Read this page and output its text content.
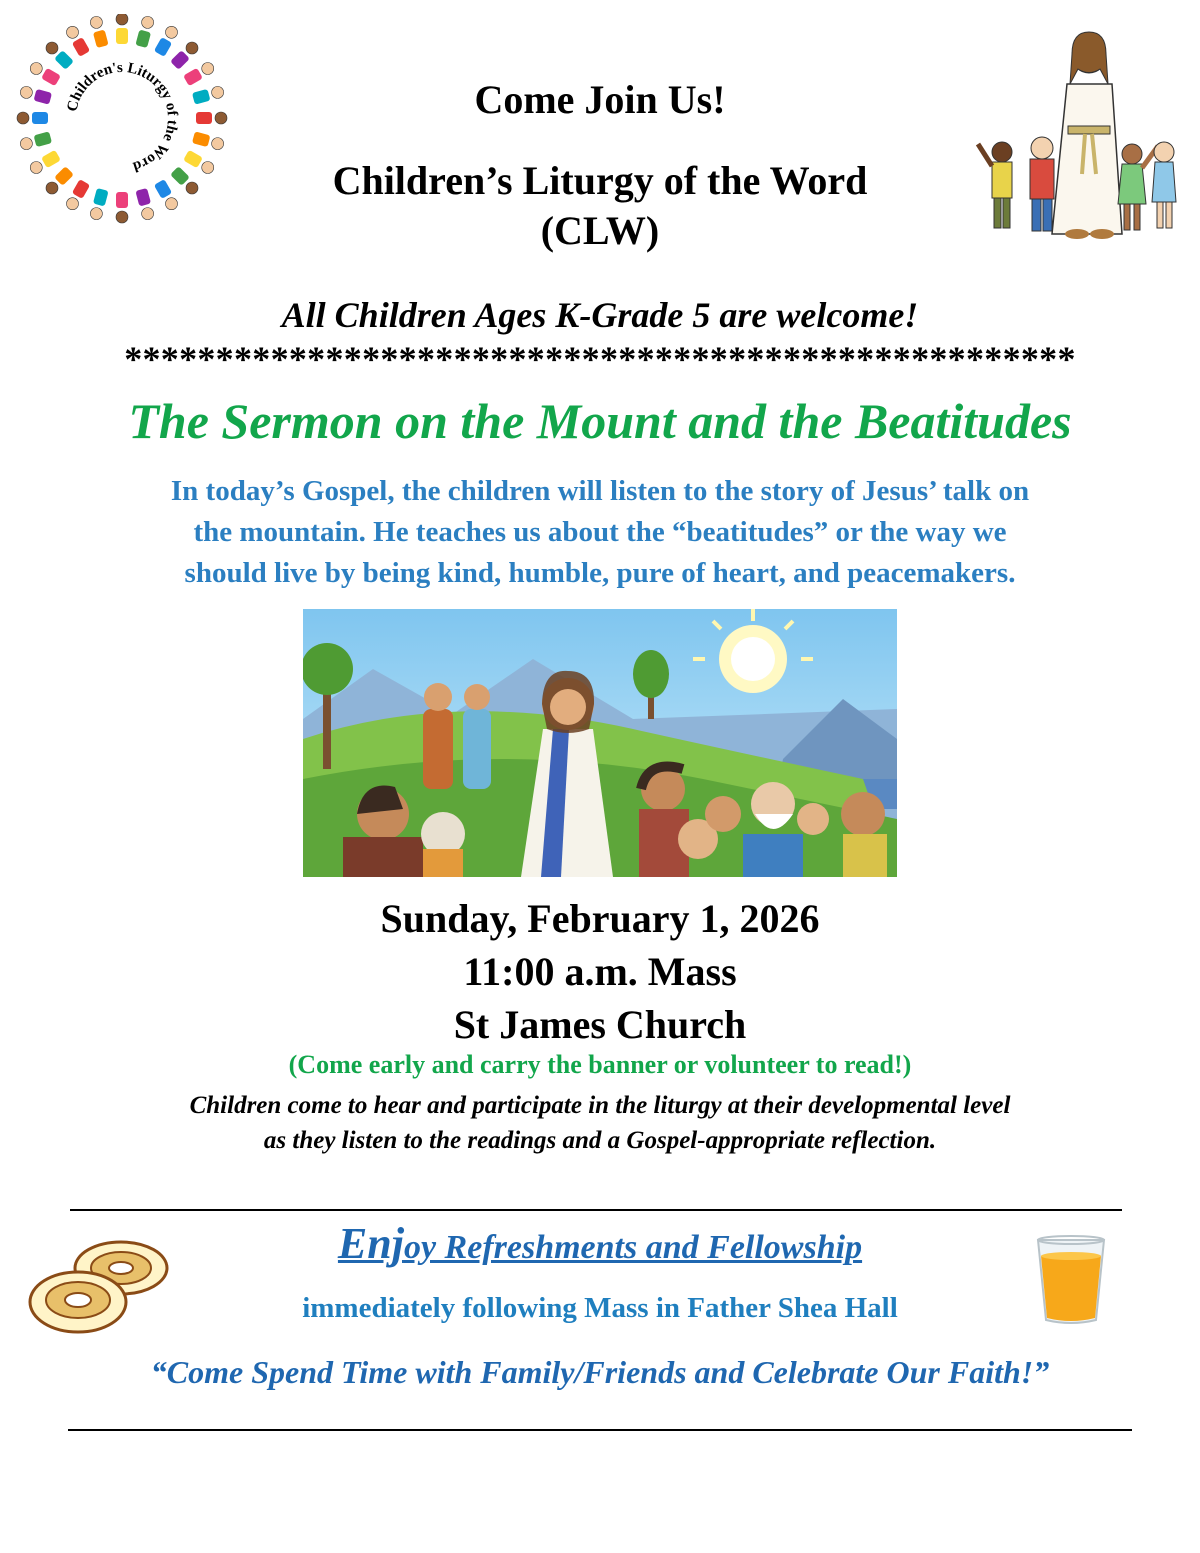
Children's Liturgy of the Word
Come Join Us!
Children’s Liturgy of the Word
(CLW)
All Children Ages K-Grade 5 are welcome!
****************************************************
The Sermon on the Mount and the Beatitudes
In today’s Gospel, the children will listen to the story of Jesus’ talk on
the mountain. He teaches us about the “beatitudes” or the way we
should live by being kind, humble, pure of heart, and peacemakers.
Sunday, February 1, 2026
11:00 a.m. Mass
St James Church
(Come early and carry the banner or volunteer to read!)
Children come to hear and participate in the liturgy at their developmental level
as they listen to the readings and a Gospel-appropriate reflection.
Enjoy Refreshments and Fellowship
immediately following Mass in Father Shea Hall
“Come Spend Time with Family/Friends and Celebrate Our Faith!”
